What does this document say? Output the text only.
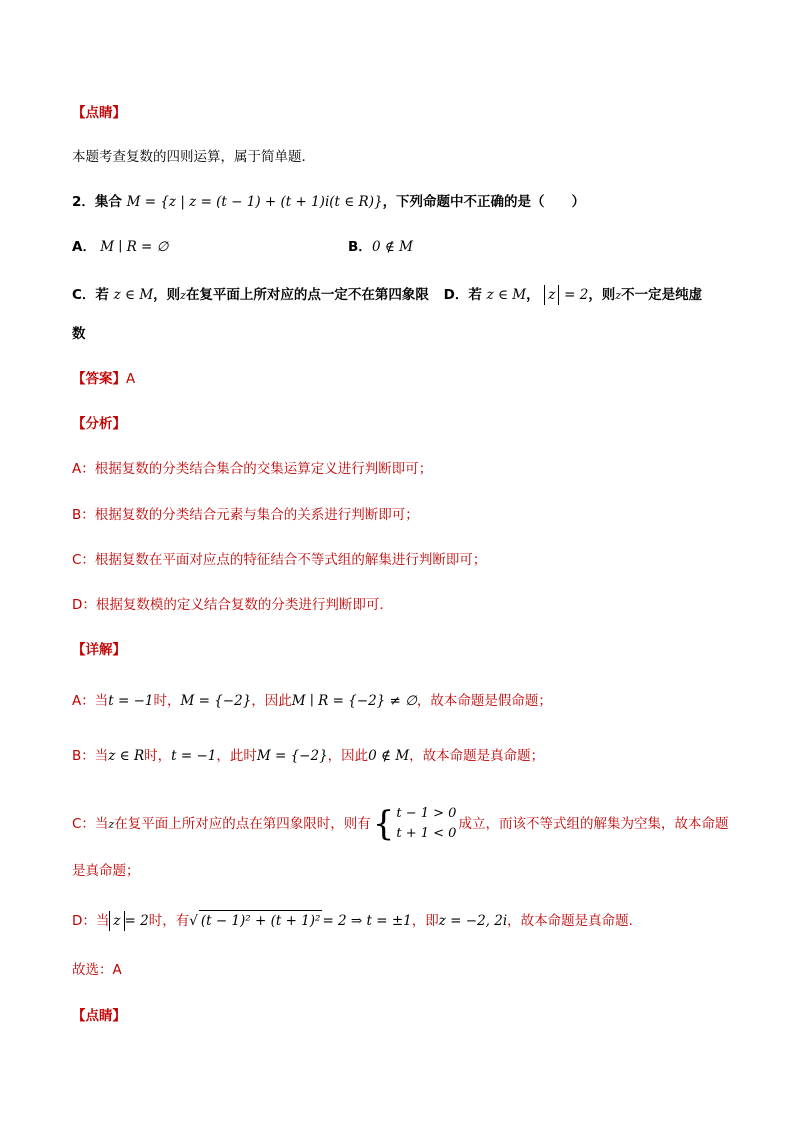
【点睛】
本题考查复数的四则运算，属于简单题.
2．集合 M = {z | z = (t − 1) + (t + 1)i(t ∈ R)}，下列命题中不正确的是（　　）
A． M ∣ R = ∅	B． 0 ∉ M
C．若 z ∈ M，则z在复平面上所对应的点一定不在第四象限 D．若 z ∈ M， z = 2，则z不一定是纯虚
数
【答案】A
【分析】
A：根据复数的分类结合集合的交集运算定义进行判断即可；
B：根据复数的分类结合元素与集合的关系进行判断即可；
C：根据复数在平面对应点的特征结合不等式组的解集进行判断即可；
D：根据复数模的定义结合复数的分类进行判断即可.
【详解】
A：当t = −1时，M = {−2}，因此M ∣ R = {−2} ≠ ∅，故本命题是假命题；
B：当z ∈ R时，t = −1，此时M = {−2}，因此0 ∉ M，故本命题是真命题；
C：当z在复平面上所对应的点在第四象限时，则有 { t − 1 > 0
t + 1 < 0
成立，而该不等式组的解集为空集，故本命题
是真命题；
D：当 z = 2时，有√ (t − 1)² + (t + 1)² = 2 ⇒ t = ±1，即z = −2, 2i，故本命题是真命题.
故选：A
【点睛】
